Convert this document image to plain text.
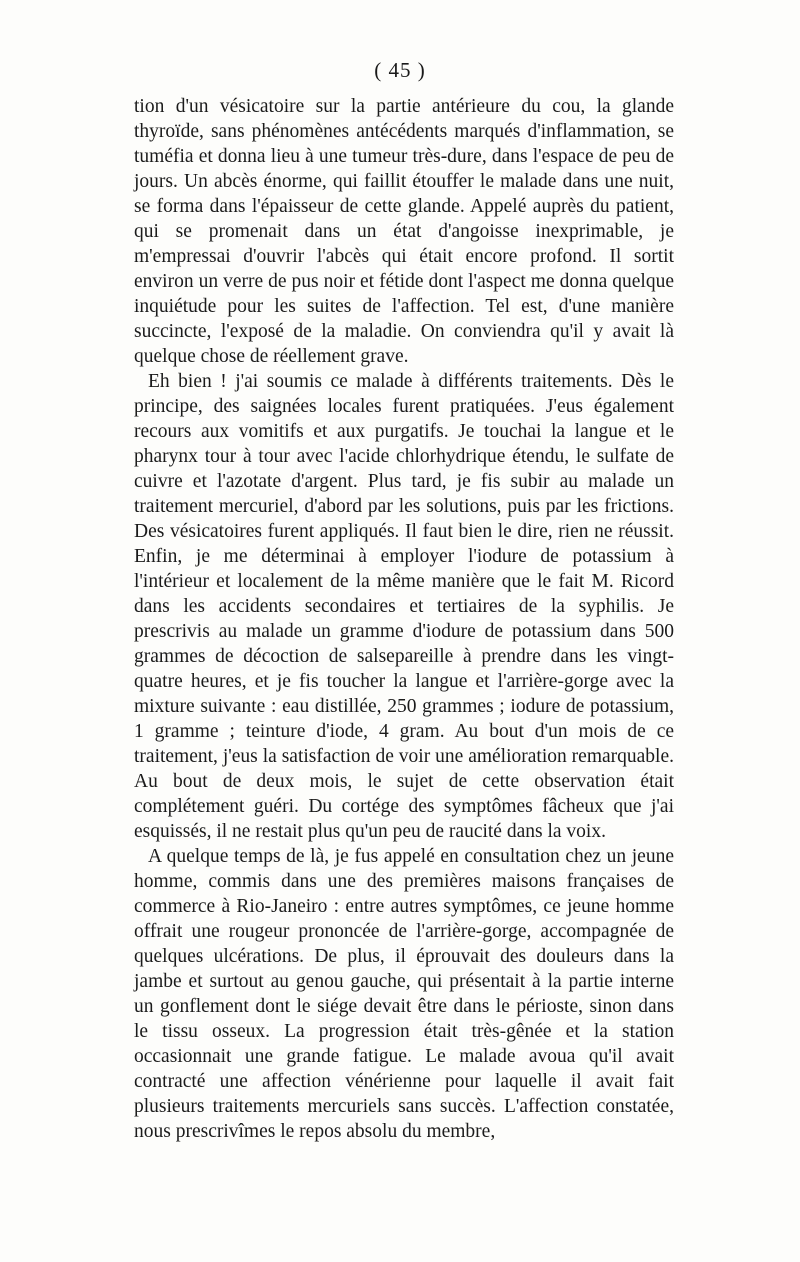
( 45 )

tion d'un vésicatoire sur la partie antérieure du cou, la glande thyroïde, sans phénomènes antécédents marqués d'inflammation, se tuméfia et donna lieu à une tumeur très-dure, dans l'espace de peu de jours. Un abcès énorme, qui faillit étouffer le malade dans une nuit, se forma dans l'épaisseur de cette glande. Appelé auprès du patient, qui se promenait dans un état d'angoisse inexprimable, je m'empressai d'ouvrir l'abcès qui était encore profond. Il sortit environ un verre de pus noir et fétide dont l'aspect me donna quelque inquiétude pour les suites de l'affection. Tel est, d'une manière succincte, l'exposé de la maladie. On conviendra qu'il y avait là quelque chose de réellement grave.

Eh bien ! j'ai soumis ce malade à différents traitements. Dès le principe, des saignées locales furent pratiquées. J'eus également recours aux vomitifs et aux purgatifs. Je touchai la langue et le pharynx tour à tour avec l'acide chlorhydrique étendu, le sulfate de cuivre et l'azotate d'argent. Plus tard, je fis subir au malade un traitement mercuriel, d'abord par les solutions, puis par les frictions. Des vésicatoires furent appliqués. Il faut bien le dire, rien ne réussit. Enfin, je me déterminai à employer l'iodure de potassium à l'intérieur et localement de la même manière que le fait M. Ricord dans les accidents secondaires et tertiaires de la syphilis. Je prescrivis au malade un gramme d'iodure de potassium dans 500 grammes de décoction de salsepareille à prendre dans les vingt-quatre heures, et je fis toucher la langue et l'arrière-gorge avec la mixture suivante : eau distillée, 250 grammes ; iodure de potassium, 1 gramme ; teinture d'iode, 4 gram. Au bout d'un mois de ce traitement, j'eus la satisfaction de voir une amélioration remarquable. Au bout de deux mois, le sujet de cette observation était complétement guéri. Du cortége des symptômes fâcheux que j'ai esquissés, il ne restait plus qu'un peu de raucité dans la voix.

A quelque temps de là, je fus appelé en consultation chez un jeune homme, commis dans une des premières maisons françaises de commerce à Rio-Janeiro : entre autres symptômes, ce jeune homme offrait une rougeur prononcée de l'arrière-gorge, accompagnée de quelques ulcérations. De plus, il éprouvait des douleurs dans la jambe et surtout au genou gauche, qui présentait à la partie interne un gonflement dont le siége devait être dans le périoste, sinon dans le tissu osseux. La progression était très-gênée et la station occasionnait une grande fatigue. Le malade avoua qu'il avait contracté une affection vénérienne pour laquelle il avait fait plusieurs traitements mercuriels sans succès. L'affection constatée, nous prescrivîmes le repos absolu du membre,
